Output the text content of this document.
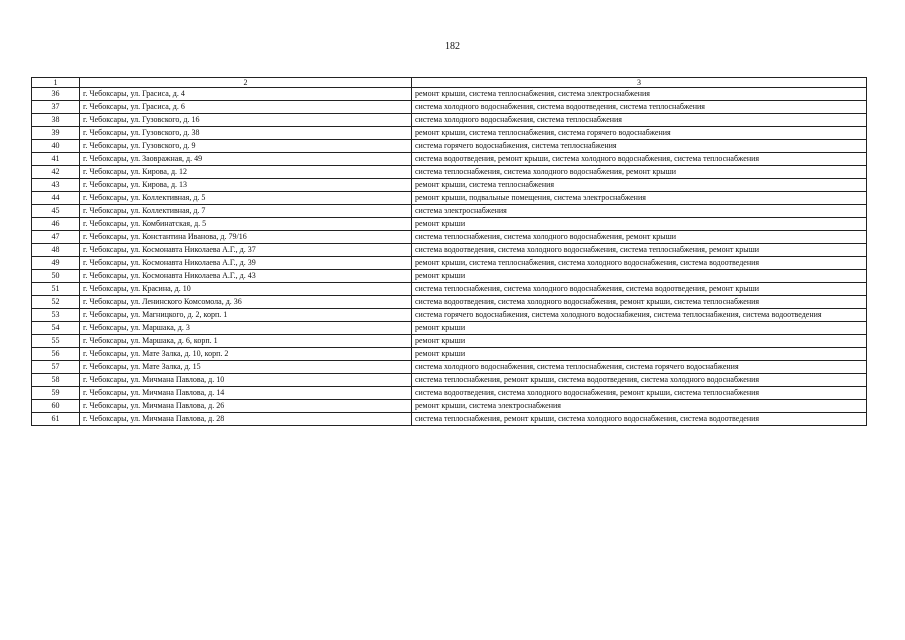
182
1	2	3
36	г. Чебоксары, ул. Грасиса, д. 4	ремонт крыши, система теплоснабжения, система электроснабжения
37	г. Чебоксары, ул. Грасиса, д. 6	система холодного водоснабжения, система водоотведения, система теплоснабжения
38	г. Чебоксары, ул. Гузовского, д. 16	система холодного водоснабжения, система теплоснабжения
39	г. Чебоксары, ул. Гузовского, д. 38	ремонт крыши, система теплоснабжения, система горячего водоснабжения
40	г. Чебоксары, ул. Гузовского, д. 9	система горячего водоснабжения, система теплоснабжения
41	г. Чебоксары, ул. Заовражная, д. 49	система водоотведения, ремонт крыши, система холодного водоснабжения, система теплоснабжения
42	г. Чебоксары, ул. Кирова, д. 12	система теплоснабжения, система холодного водоснабжения, ремонт крыши
43	г. Чебоксары, ул. Кирова, д. 13	ремонт крыши, система теплоснабжения
44	г. Чебоксары, ул. Коллективная, д. 5	ремонт крыши, подвальные помещения, система электроснабжения
45	г. Чебоксары, ул. Коллективная, д. 7	система электроснабжения
46	г. Чебоксары, ул. Комбинатская, д. 5	ремонт крыши
47	г. Чебоксары, ул. Константина Иванова, д. 79/16	система теплоснабжения, система холодного водоснабжения, ремонт крыши
48	г. Чебоксары, ул. Космонавта Николаева А.Г., д. 37	система водоотведения, система холодного водоснабжения, система теплоснабжения, ремонт крыши
49	г. Чебоксары, ул. Космонавта Николаева А.Г., д. 39	ремонт крыши, система теплоснабжения, система холодного водоснабжения, система водоотведения
50	г. Чебоксары, ул. Космонавта Николаева А.Г., д. 43	ремонт крыши
51	г. Чебоксары, ул. Красина, д. 10	система теплоснабжения, система холодного водоснабжения, система водоотведения, ремонт крыши
52	г. Чебоксары, ул. Ленинского Комсомола, д. 36	система водоотведения, система холодного водоснабжения, ремонт крыши, система теплоснабжения
53	г. Чебоксары, ул. Магницкого, д. 2, корп. 1	система горячего водоснабжения, система холодного водоснабжения, система теплоснабжения, система водоотведения
54	г. Чебоксары, ул. Маршака, д. 3	ремонт крыши
55	г. Чебоксары, ул. Маршака, д. 6, корп. 1	ремонт крыши
56	г. Чебоксары, ул. Мате Залка, д. 10, корп. 2	ремонт крыши
57	г. Чебоксары, ул. Мате Залка, д. 15	система холодного водоснабжения, система теплоснабжения, система горячего водоснабжения
58	г. Чебоксары, ул. Мичмана Павлова, д. 10	система теплоснабжения, ремонт крыши, система водоотведения, система холодного водоснабжения
59	г. Чебоксары, ул. Мичмана Павлова, д. 14	система водоотведения, система холодного водоснабжения, ремонт крыши, система теплоснабжения
60	г. Чебоксары, ул. Мичмана Павлова, д. 26	ремонт крыши, система электроснабжения
61	г. Чебоксары, ул. Мичмана Павлова, д. 28	система теплоснабжения, ремонт крыши, система холодного водоснабжения, система водоотведения
